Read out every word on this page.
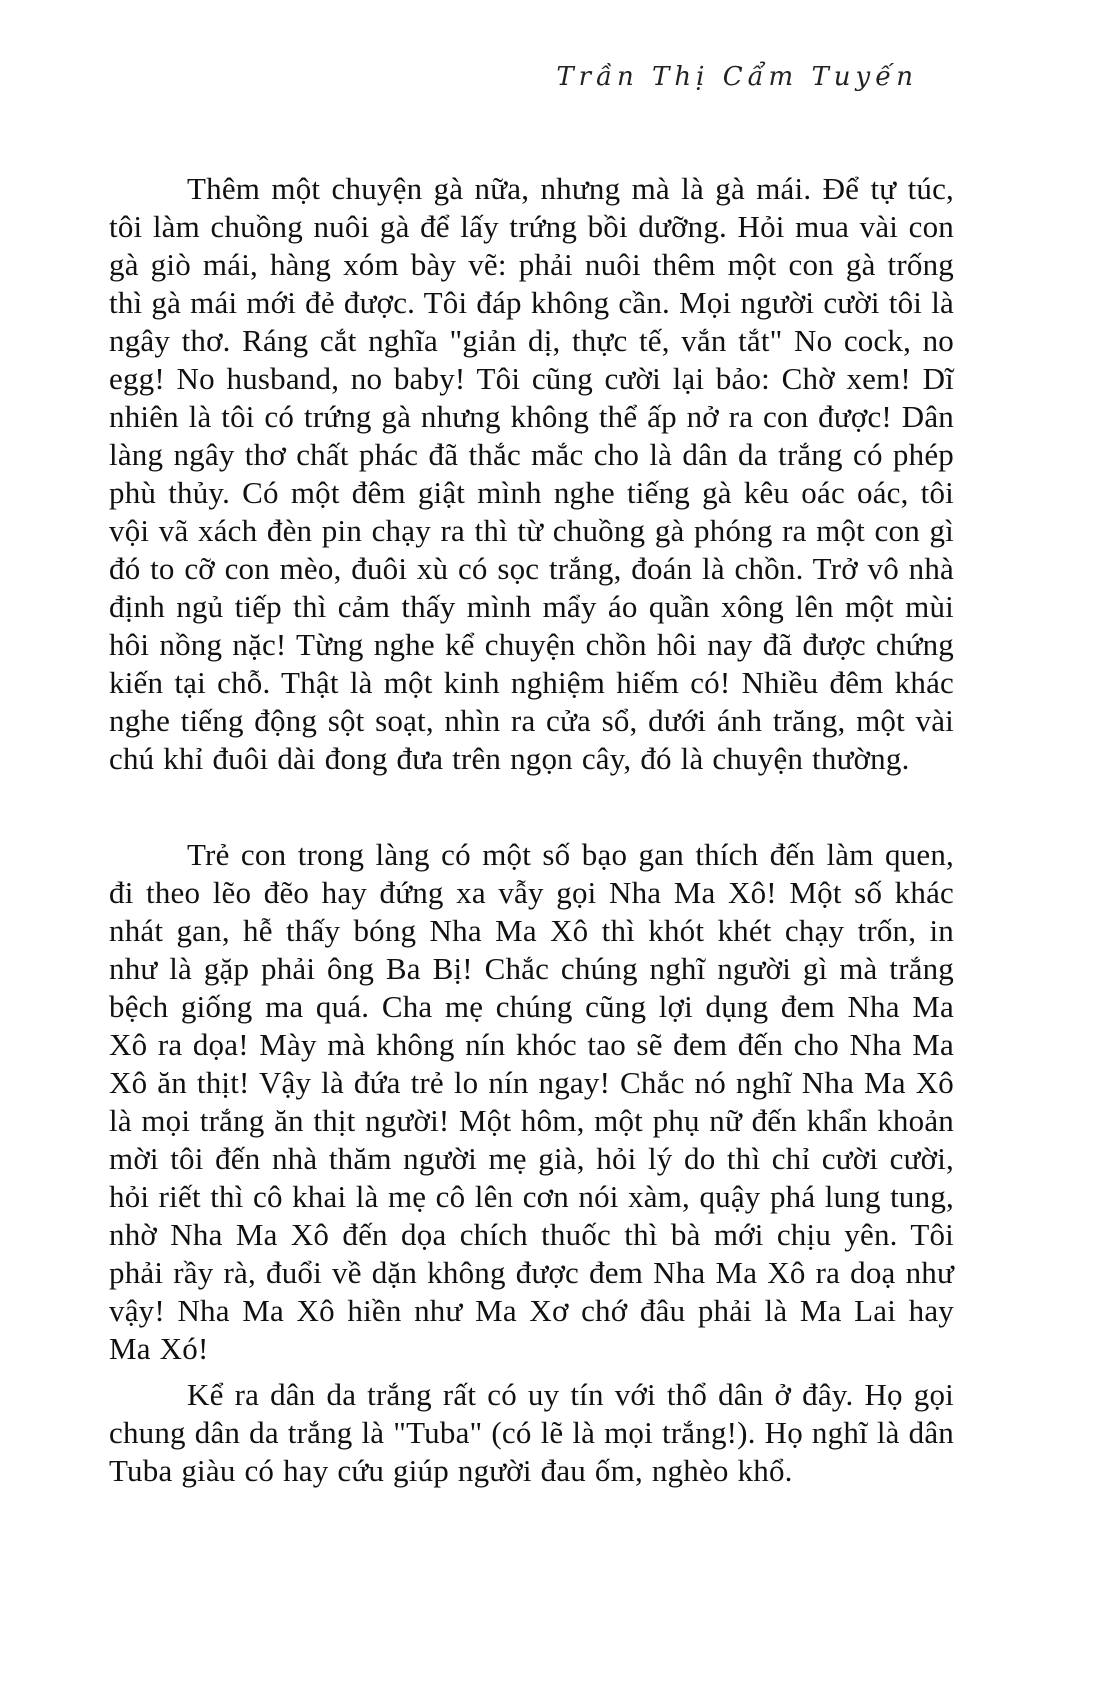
Trần Thị Cẩm Tuyến

Thêm một chuyện gà nữa, nhưng mà là gà mái. Để tự túc, tôi làm chuồng nuôi gà để lấy trứng bồi dưỡng. Hỏi mua vài con gà giò mái, hàng xóm bày vẽ: phải nuôi thêm một con gà trống thì gà mái mới đẻ được. Tôi đáp không cần. Mọi người cười tôi là ngây thơ. Ráng cắt nghĩa "giản dị, thực tế, vắn tắt" No cock, no egg! No husband, no baby! Tôi cũng cười lại bảo: Chờ xem! Dĩ nhiên là tôi có trứng gà nhưng không thể ấp nở ra con được! Dân làng ngây thơ chất phác đã thắc mắc cho là dân da trắng có phép phù thủy. Có một đêm giật mình nghe tiếng gà kêu oác oác, tôi vội vã xách đèn pin chạy ra thì từ chuồng gà phóng ra một con gì đó to cỡ con mèo, đuôi xù có sọc trắng, đoán là chồn. Trở vô nhà định ngủ tiếp thì cảm thấy mình mẩy áo quần xông lên một mùi hôi nồng nặc! Từng nghe kể chuyện chồn hôi nay đã được chứng kiến tại chỗ. Thật là một kinh nghiệm hiếm có! Nhiều đêm khác nghe tiếng động sột soạt, nhìn ra cửa sổ, dưới ánh trăng, một vài chú khỉ đuôi dài đong đưa trên ngọn cây, đó là chuyện thường.

Trẻ con trong làng có một số bạo gan thích đến làm quen, đi theo lẽo đẽo hay đứng xa vẫy gọi Nha Ma Xô! Một số khác nhát gan, hễ thấy bóng Nha Ma Xô thì khót khét chạy trốn, in như là gặp phải ông Ba Bị! Chắc chúng nghĩ người gì mà trắng bệch giống ma quá. Cha mẹ chúng cũng lợi dụng đem Nha Ma Xô ra dọa! Mày mà không nín khóc tao sẽ đem đến cho Nha Ma Xô ăn thịt! Vậy là đứa trẻ lo nín ngay! Chắc nó nghĩ Nha Ma Xô là mọi trắng ăn thịt người! Một hôm, một phụ nữ đến khẩn khoản mời tôi đến nhà thăm người mẹ già, hỏi lý do thì chỉ cười cười, hỏi riết thì cô khai là mẹ cô lên cơn nói xàm, quậy phá lung tung, nhờ Nha Ma Xô đến dọa chích thuốc thì bà mới chịu yên. Tôi phải rầy rà, đuổi về dặn không được đem Nha Ma Xô ra doạ như vậy! Nha Ma Xô hiền như Ma Xơ chớ đâu phải là Ma Lai hay Ma Xó!

Kể ra dân da trắng rất có uy tín với thổ dân ở đây. Họ gọi chung dân da trắng là "Tuba" (có lẽ là mọi trắng!). Họ nghĩ là dân Tuba giàu có hay cứu giúp người đau ốm, nghèo khổ.
